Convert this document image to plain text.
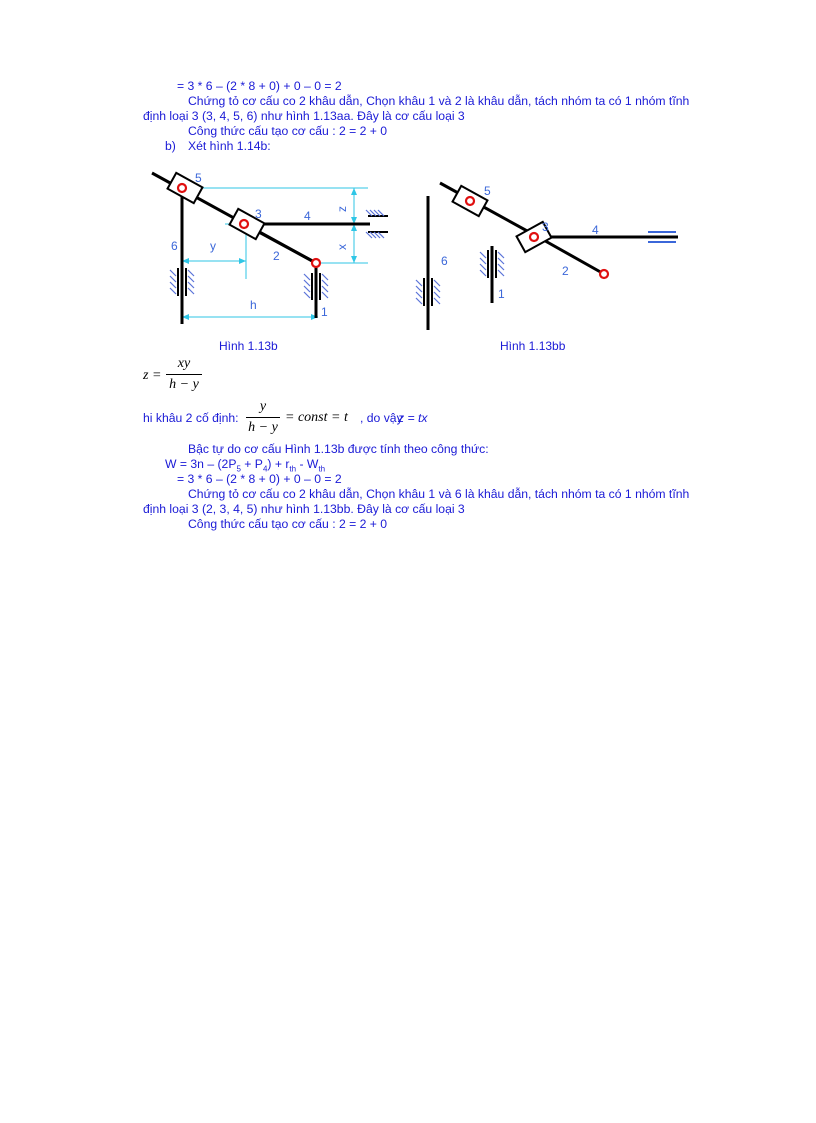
= 3 * 6 – (2 * 8 + 0) + 0 – 0 = 2
Chứng tỏ cơ cấu co 2 khâu dẫn, Chọn khâu 1 và 2 là khâu dẫn, tách nhóm ta có 1 nhóm tĩnh
định loại 3 (3, 4, 5, 6) như hình 1.13aa. Đây là cơ cấu loại 3
Công thức cấu tạo cơ cấu : 2 = 2 + 0
b) Xét hình 1.14b:
5
3	4
6
2
1
y
h
z
x
Hình 1.13b
5
3	4
6
2
1
Hình 1.13bb
z =
xy
h − y
hi khâu 2 cố định:
y
h − y
= const = t , do vậy
z = tx
Bậc tự do cơ cấu Hình 1.13b được tính theo công thức:
$W = 3n - (2P_5 + P_4) + r_{th} - W_{th}$
= 3 * 6 – (2 * 8 + 0) + 0 – 0 = 2
Chứng tỏ cơ cấu co 2 khâu dẫn, Chọn khâu 1 và 6 là khâu dẫn, tách nhóm ta có 1 nhóm tĩnh
định loại 3 (2, 3, 4, 5) như hình 1.13bb. Đây là cơ cấu loại 3
Công thức cấu tạo cơ cấu : 2 = 2 + 0
